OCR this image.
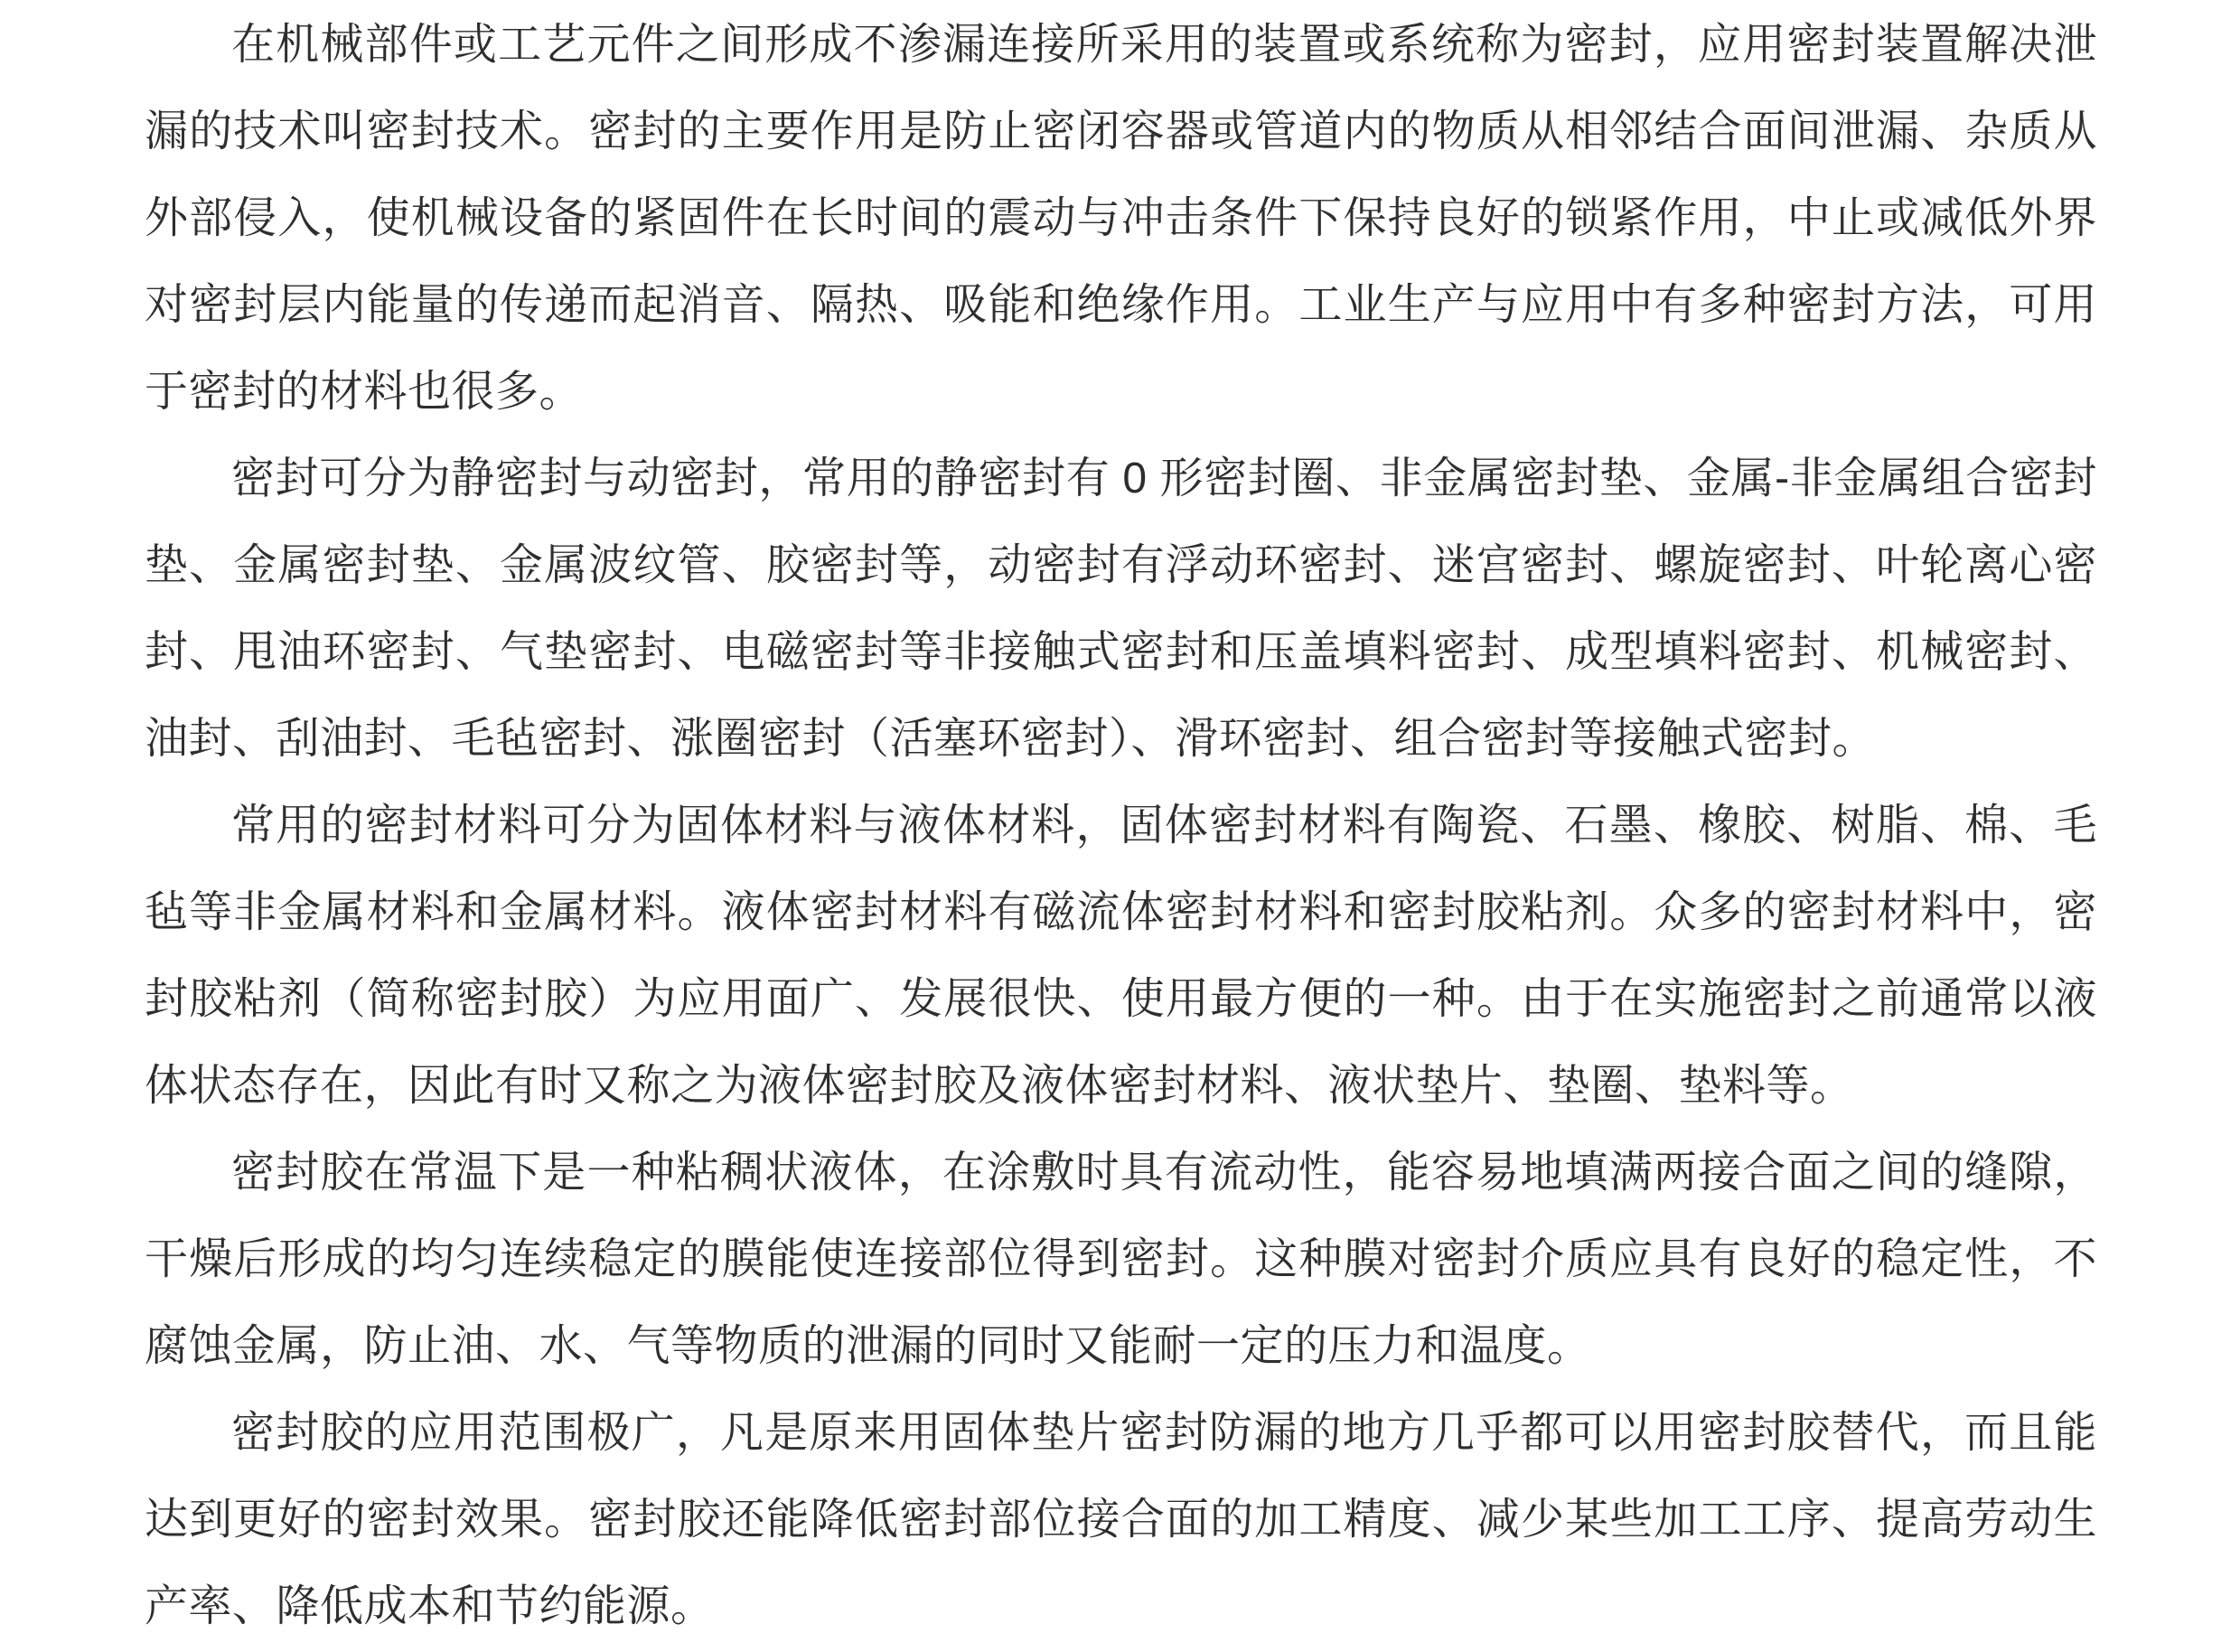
在机械部件或工艺元件之间形成不渗漏连接所采用的装置或系统称为密封，应用密封装置解决泄漏的技术叫密封技术。密封的主要作用是防止密闭容器或管道内的物质从相邻结合面间泄漏、杂质从外部侵入，使机械设备的紧固件在长时间的震动与冲击条件下保持良好的锁紧作用，中止或减低外界对密封层内能量的传递而起消音、隔热、吸能和绝缘作用。工业生产与应用中有多种密封方法，可用于密封的材料也很多。

密封可分为静密封与动密封，常用的静密封有 0 形密封圈、非金属密封垫、金属-非金属组合密封垫、金属密封垫、金属波纹管、胶密封等，动密封有浮动环密封、迷宫密封、螺旋密封、叶轮离心密封、甩油环密封、气垫密封、电磁密封等非接触式密封和压盖填料密封、成型填料密封、机械密封、油封、刮油封、毛毡密封、涨圈密封（活塞环密封）、滑环密封、组合密封等接触式密封。

常用的密封材料可分为固体材料与液体材料，固体密封材料有陶瓷、石墨、橡胶、树脂、棉、毛毡等非金属材料和金属材料。液体密封材料有磁流体密封材料和密封胶粘剂。众多的密封材料中，密封胶粘剂（简称密封胶）为应用面广、发展很快、使用最方便的一种。由于在实施密封之前通常以液体状态存在，因此有时又称之为液体密封胶及液体密封材料、液状垫片、垫圈、垫料等。

密封胶在常温下是一种粘稠状液体，在涂敷时具有流动性，能容易地填满两接合面之间的缝隙，干燥后形成的均匀连续稳定的膜能使连接部位得到密封。这种膜对密封介质应具有良好的稳定性，不腐蚀金属，防止油、水、气等物质的泄漏的同时又能耐一定的压力和温度。

密封胶的应用范围极广，凡是原来用固体垫片密封防漏的地方几乎都可以用密封胶替代，而且能达到更好的密封效果。密封胶还能降低密封部位接合面的加工精度、减少某些加工工序、提高劳动生产率、降低成本和节约能源。
